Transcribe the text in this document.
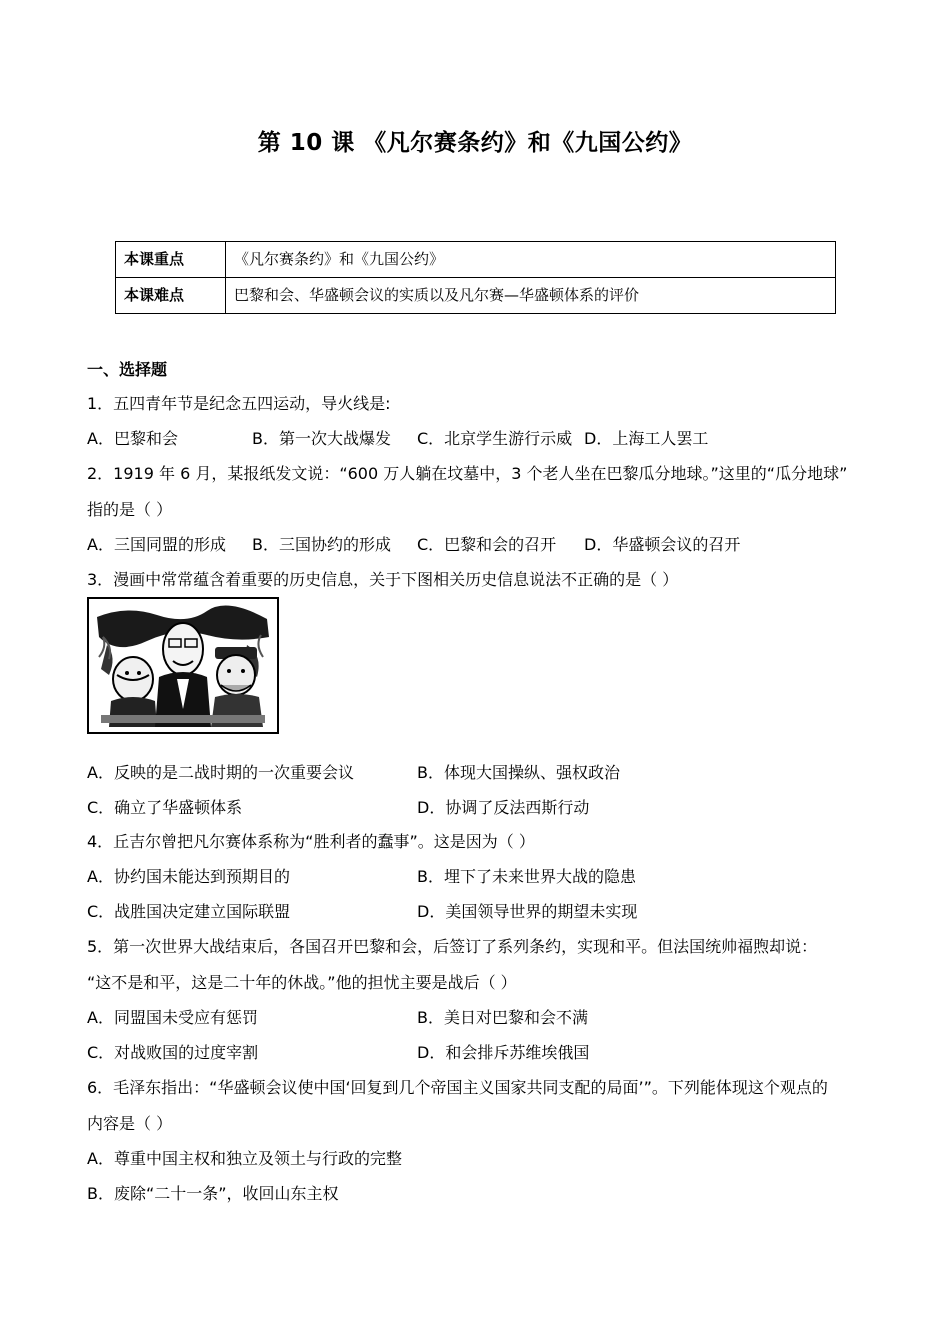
第 10 课 《凡尔赛条约》和《九国公约》
本课重点	《凡尔赛条约》和《九国公约》
本课难点	巴黎和会、华盛顿会议的实质以及凡尔赛—华盛顿体系的评价
一、选择题
1．五四青年节是纪念五四运动，导火线是:
A．巴黎和会	B．第一次大战爆发 C．北京学生游行示威 D．上海工人罢工
2．1919 年 6 月，某报纸发文说：“600 万人躺在坟墓中，3 个老人坐在巴黎瓜分地球。”这里的“瓜分地球”
指的是（ ）
A．三国同盟的形成 B．三国协约的形成 C．巴黎和会的召开 D．华盛顿会议的召开
3．漫画中常常蕴含着重要的历史信息，关于下图相关历史信息说法不正确的是（ ）
A．反映的是二战时期的一次重要会议	B．体现大国操纵、强权政治
C．确立了华盛顿体系	D．协调了反法西斯行动
4．丘吉尔曾把凡尔赛体系称为“胜利者的蠢事”。这是因为（ ）
A．协约国未能达到预期目的	B．埋下了未来世界大战的隐患
C．战胜国决定建立国际联盟	D．美国领导世界的期望未实现
5．第一次世界大战结束后，各国召开巴黎和会，后签订了系列条约，实现和平。但法国统帅福煦却说：
“这不是和平，这是二十年的休战。”他的担忧主要是战后（ ）
A．同盟国未受应有惩罚	B．美日对巴黎和会不满
C．对战败国的过度宰割	D．和会排斥苏维埃俄国
6．毛泽东指出：“华盛顿会议使中国‘回复到几个帝国主义国家共同支配的局面’”。下列能体现这个观点的
内容是（ ）
A．尊重中国主权和独立及领土与行政的完整
B．废除“二十一条”，收回山东主权
